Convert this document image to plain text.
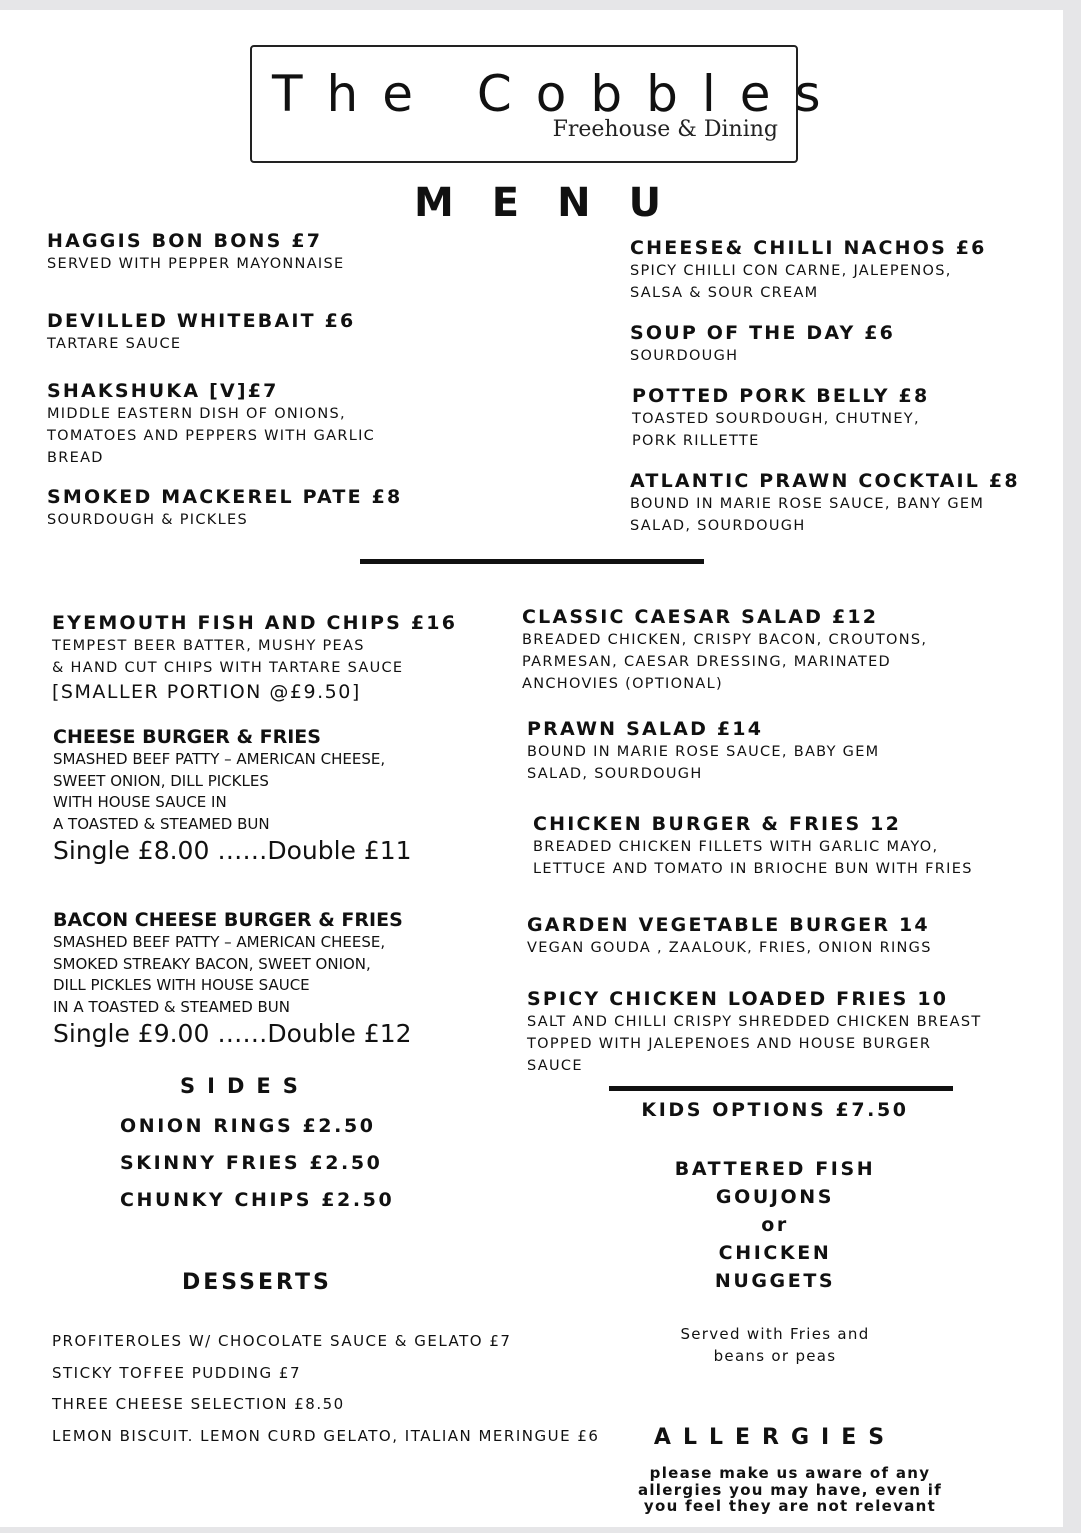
The Cobbles
Freehouse & Dining
MENU
HAGGIS BON BONS £7
SERVED WITH PEPPER MAYONNAISE
DEVILLED WHITEBAIT £6
TARTARE SAUCE
SHAKSHUKA [V]£7
MIDDLE EASTERN DISH OF ONIONS,
TOMATOES AND PEPPERS WITH GARLIC
BREAD
SMOKED MACKEREL PATE £8
SOURDOUGH & PICKLES
CHEESE& CHILLI NACHOS £6
SPICY CHILLI CON CARNE, JALEPENOS,
SALSA & SOUR CREAM
SOUP OF THE DAY £6
SOURDOUGH
POTTED PORK BELLY £8
TOASTED SOURDOUGH, CHUTNEY,
PORK RILLETTE
ATLANTIC PRAWN COCKTAIL £8
BOUND IN MARIE ROSE SAUCE, BANY GEM
SALAD, SOURDOUGH
EYEMOUTH FISH AND CHIPS £16
TEMPEST BEER BATTER, MUSHY PEAS
& HAND CUT CHIPS WITH TARTARE SAUCE
[SMALLER PORTION @£9.50]
CHEESE BURGER & FRIES
SMASHED BEEF PATTY – AMERICAN CHEESE,
SWEET ONION, DILL PICKLES
WITH HOUSE SAUCE IN
A TOASTED & STEAMED BUN
Single £8.00 ……Double £11
BACON CHEESE BURGER & FRIES
SMASHED BEEF PATTY – AMERICAN CHEESE,
SMOKED STREAKY BACON, SWEET ONION,
DILL PICKLES WITH HOUSE SAUCE
IN A TOASTED & STEAMED BUN
Single £9.00 ……Double £12
CLASSIC CAESAR SALAD £12
BREADED CHICKEN, CRISPY BACON, CROUTONS,
PARMESAN, CAESAR DRESSING, MARINATED
ANCHOVIES (OPTIONAL)
PRAWN SALAD £14
BOUND IN MARIE ROSE SAUCE, BABY GEM
SALAD, SOURDOUGH
CHICKEN BURGER & FRIES 12
BREADED CHICKEN FILLETS WITH GARLIC MAYO,
LETTUCE AND TOMATO IN BRIOCHE BUN WITH FRIES
GARDEN VEGETABLE BURGER 14
VEGAN GOUDA , ZAALOUK, FRIES, ONION RINGS
SPICY CHICKEN LOADED FRIES 10
SALT AND CHILLI CRISPY SHREDDED CHICKEN BREAST
TOPPED WITH JALEPENOES AND HOUSE BURGER
SAUCE
SIDES
ONION RINGS £2.50
SKINNY FRIES £2.50
CHUNKY CHIPS £2.50
DESSERTS
PROFITEROLES W/ CHOCOLATE SAUCE & GELATO £7
STICKY TOFFEE PUDDING £7
THREE CHEESE SELECTION £8.50
LEMON BISCUIT. LEMON CURD GELATO, ITALIAN MERINGUE £6
KIDS OPTIONS £7.50
BATTERED FISH
GOUJONS
or
CHICKEN
NUGGETS
Served with Fries and
beans or peas
ALLERGIES
please make us aware of any
allergies you may have, even if
you feel they are not relevant
